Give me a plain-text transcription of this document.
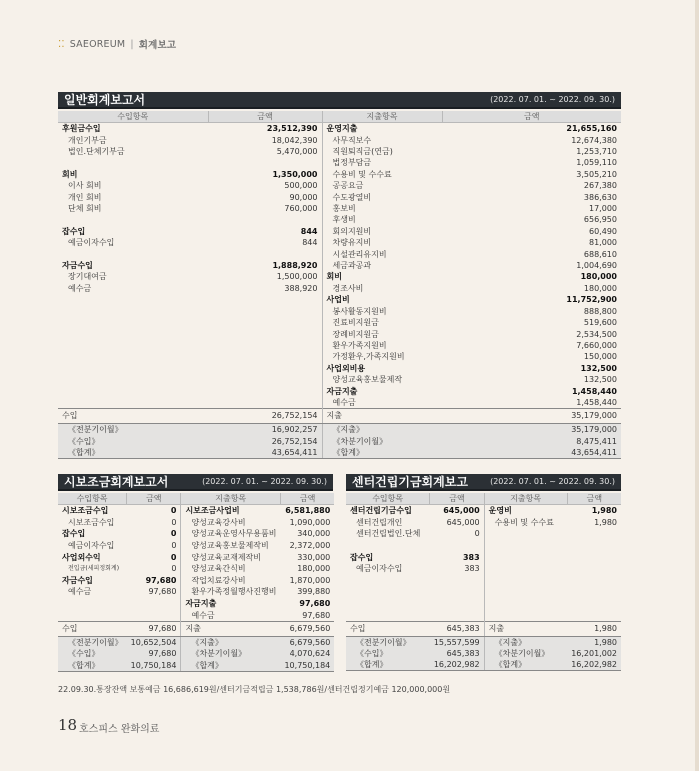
⁚⁚ SAEOREUM | 회계보고
일반회계보고서	(2022. 07. 01. ~ 2022. 09. 30.)
수입항목	금액	지출항목	금액
후원금수입	23,512,390	운영지출	21,655,160
개인기부금	18,042,390	사무직보수	12,674,380
법인.단체기부금	5,470,000	직원퇴직금(연금)	1,253,710
		법정부담금	1,059,110
회비	1,350,000	수용비 및 수수료	3,505,210
이사 회비	500,000	공공요금	267,380
개인 회비	90,000	수도광열비	386,630
단체 회비	760,000	홍보비	17,000
		후생비	656,950
잡수입	844	회의지원비	60,490
예금이자수입	844	차량유지비	81,000
		시설관리유지비	688,610
자금수입	1,888,920	세금과공과	1,004,690
장기대여금	1,500,000	회비	180,000
예수금	388,920	경조사비	180,000
		사업비	11,752,900
		봉사활동지원비	888,800
		진료비지원금	519,600
		장례비지원금	2,534,500
		환우가족지원비	7,660,000
		가정환우,가족지원비	150,000
		사업외비용	132,500
		양성교육홍보물제작	132,500
		자금지출	1,458,440
		예수금	1,458,440
수입	26,752,154	지출	35,179,000
《전분기이월》	16,902,257	《지출》	35,179,000
《수입》	26,752,154	《차분기이월》	8,475,411
《합계》	43,654,411	《합계》	43,654,411
시보조금회계보고서	(2022. 07. 01. ~ 2022. 09. 30.)
수입항목	금액	지출항목	금액
시보조금수입	0	시보조금사업비	6,581,880
시보조금수입	0	양성교육강사비	1,090,000
잡수입	0	양성교육운영사무용품비	340,000
예금이자수입	0	양성교육홍보물제작비	2,372,000
사업외수익	0	양성교육교재제작비	330,000
전입금(세피정회계)	0	양성교육간식비	180,000
자금수입	97,680	작업치료강사비	1,870,000
예수금	97,680	환우가족정월행사진행비	399,880
		자금지출	97,680
		예수금	97,680
수입	97,680	지출	6,679,560
《전분기이월》	10,652,504	《지출》	6,679,560
《수입》	97,680	《차분기이월》	4,070,624
《합계》	10,750,184	《합계》	10,750,184
센터건립기금회계보고	(2022. 07. 01. ~ 2022. 09. 30.)
수입항목	금액	지출항목	금액
센터건립기금수입	645,000	운영비	1,980
센터건립개인	645,000	수용비 및 수수료	1,980
센터건립법인.단체	0		

잡수입	383		
예금이자수입	383		

수입	645,383	지출	1,980
《전분기이월》	15,557,599	《지출》	1,980
《수입》	645,383	《차분기이월》	16,201,002
《합계》	16,202,982	《합계》	16,202,982
22.09.30.통장잔액 보통예금 16,686,619원/센터기금적립금 1,538,786원/센터건립정기예금 120,000,000원
18 호스피스 완화의료
